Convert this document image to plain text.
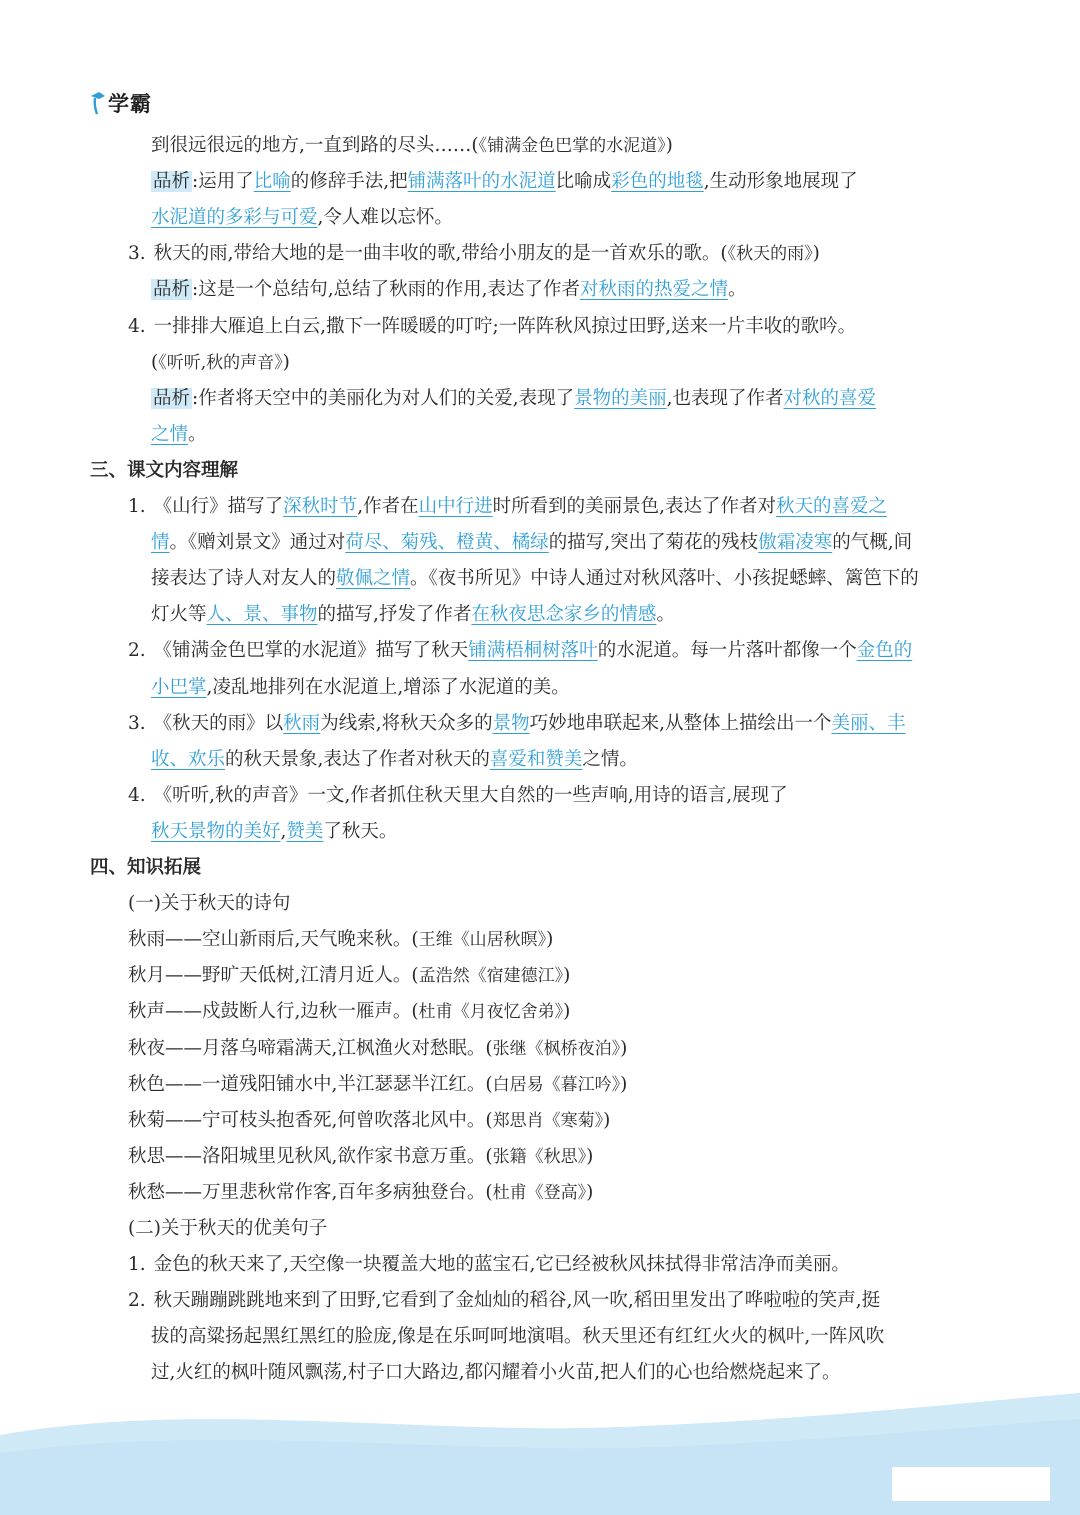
学霸
到很远很远的地方,一直到路的尽头……(《铺满金色巴掌的水泥道》)
品析 :运用了比喻的修辞手法,把铺满落叶的水泥道比喻成彩色的地毯,生动形象地展现了
水泥道的多彩与可爱,令人难以忘怀。
3. 秋天的雨,带给大地的是一曲丰收的歌,带给小朋友的是一首欢乐的歌。(《秋天的雨》)
品析 :这是一个总结句,总结了秋雨的作用,表达了作者对秋雨的热爱之情。
4. 一排排大雁追上白云,撒下一阵暖暖的叮咛;一阵阵秋风掠过田野,送来一片丰收的歌吟。
(《听听,秋的声音》)
品析 :作者将天空中的美丽化为对人们的关爱,表现了景物的美丽,也表现了作者对秋的喜爱
之情。
三、课文内容理解
1. 《山行》描写了深秋时节,作者在山中行进时所看到的美丽景色,表达了作者对秋天的喜爱之
情。《赠刘景文》通过对荷尽、菊残、橙黄、橘绿的描写,突出了菊花的残枝傲霜凌寒的气概,间
接表达了诗人对友人的敬佩之情。《夜书所见》中诗人通过对秋风落叶、小孩捉蟋蟀、篱笆下的
灯火等人、景、事物的描写,抒发了作者在秋夜思念家乡的情感。
2. 《铺满金色巴掌的水泥道》描写了秋天铺满梧桐树落叶的水泥道。每一片落叶都像一个金色的
小巴掌,凌乱地排列在水泥道上,增添了水泥道的美。
3. 《秋天的雨》以秋雨为线索,将秋天众多的景物巧妙地串联起来,从整体上描绘出一个美丽、丰
收、欢乐的秋天景象,表达了作者对秋天的喜爱和赞美之情。
4. 《听听,秋的声音》一文,作者抓住秋天里大自然的一些声响,用诗的语言,展现了
秋天景物的美好,赞美了秋天。
四、知识拓展
(一)关于秋天的诗句
秋雨——空山新雨后,天气晚来秋。(王维《山居秋暝》)
秋月——野旷天低树,江清月近人。(孟浩然《宿建德江》)
秋声——戍鼓断人行,边秋一雁声。(杜甫《月夜忆舍弟》)
秋夜——月落乌啼霜满天,江枫渔火对愁眠。(张继《枫桥夜泊》)
秋色——一道残阳铺水中,半江瑟瑟半江红。(白居易《暮江吟》)
秋菊——宁可枝头抱香死,何曾吹落北风中。(郑思肖《寒菊》)
秋思——洛阳城里见秋风,欲作家书意万重。(张籍《秋思》)
秋愁——万里悲秋常作客,百年多病独登台。(杜甫《登高》)
(二)关于秋天的优美句子
1. 金色的秋天来了,天空像一块覆盖大地的蓝宝石,它已经被秋风抹拭得非常洁净而美丽。
2. 秋天蹦蹦跳跳地来到了田野,它看到了金灿灿的稻谷,风一吹,稻田里发出了哗啦啦的笑声,挺
拔的高粱扬起黑红黑红的脸庞,像是在乐呵呵地演唱。秋天里还有红红火火的枫叶,一阵风吹
过,火红的枫叶随风飘荡,村子口大路边,都闪耀着小火苗,把人们的心也给燃烧起来了。
